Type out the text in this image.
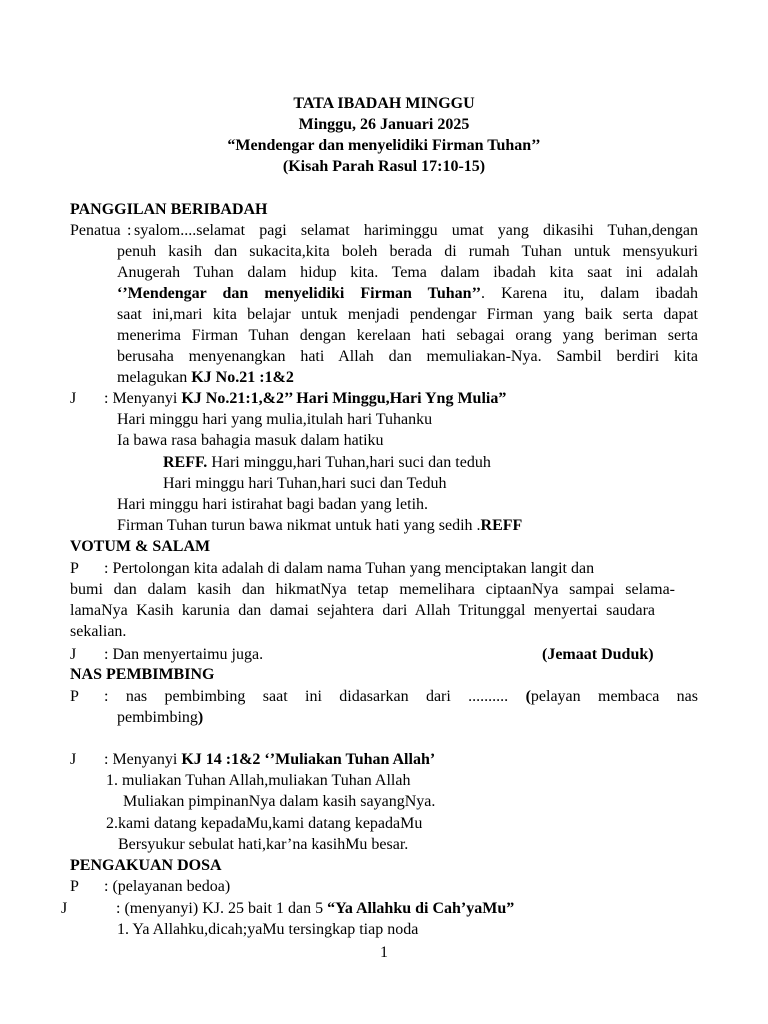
TATA IBADAH MINGGU
Minggu, 26 Januari 2025
“Mendengar dan menyelidiki Firman Tuhan’’
(Kisah Parah Rasul 17:10-15)
PANGGILAN BERIBADAH
Penatua : syalom....selamat pagi selamat hariminggu umat yang dikasihi Tuhan,dengan
penuh kasih dan sukacita,kita boleh berada di rumah Tuhan untuk mensyukuri
Anugerah Tuhan dalam hidup kita. Tema dalam ibadah kita saat ini adalah
‘’Mendengar dan menyelidiki Firman Tuhan’’. Karena itu, dalam ibadah
saat ini,mari kita belajar untuk menjadi pendengar Firman yang baik serta dapat
menerima Firman Tuhan dengan kerelaan hati sebagai orang yang beriman serta
berusaha menyenangkan hati Allah dan memuliakan-Nya. Sambil berdiri kita
melagukan KJ No.21 :1&2
J : Menyanyi KJ No.21:1,&2’’ Hari Minggu,Hari Yng Mulia”
Hari minggu hari yang mulia,itulah hari Tuhanku
Ia bawa rasa bahagia masuk dalam hatiku
REFF. Hari minggu,hari Tuhan,hari suci dan teduh
Hari minggu hari Tuhan,hari suci dan Teduh
Hari minggu hari istirahat bagi badan yang letih.
Firman Tuhan turun bawa nikmat untuk hati yang sedih .REFF
VOTUM & SALAM
P : Pertolongan kita adalah di dalam nama Tuhan yang menciptakan langit dan
bumi dan dalam kasih dan hikmatNya tetap memelihara ciptaanNya sampai selama-
lamaNya Kasih karunia dan damai sejahtera dari Allah Tritunggal menyertai saudara
sekalian.
J : Dan menyertaimu juga.	(Jemaat Duduk)
NAS PEMBIMBING
P : nas pembimbing saat ini didasarkan dari .......... (pelayan membaca nas
pembimbing)
J : Menyanyi KJ 14 :1&2 ‘’Muliakan Tuhan Allah’
1. muliakan Tuhan Allah,muliakan Tuhan Allah
Muliakan pimpinanNya dalam kasih sayangNya.
2.kami datang kepadaMu,kami datang kepadaMu
Bersyukur sebulat hati,kar’na kasihMu besar.
PENGAKUAN DOSA
P : (pelayanan bedoa)
J	: (menyanyi) KJ. 25 bait 1 dan 5 “Ya Allahku di Cah’yaMu”
1. Ya Allahku,dicah;yaMu tersingkap tiap noda
1
